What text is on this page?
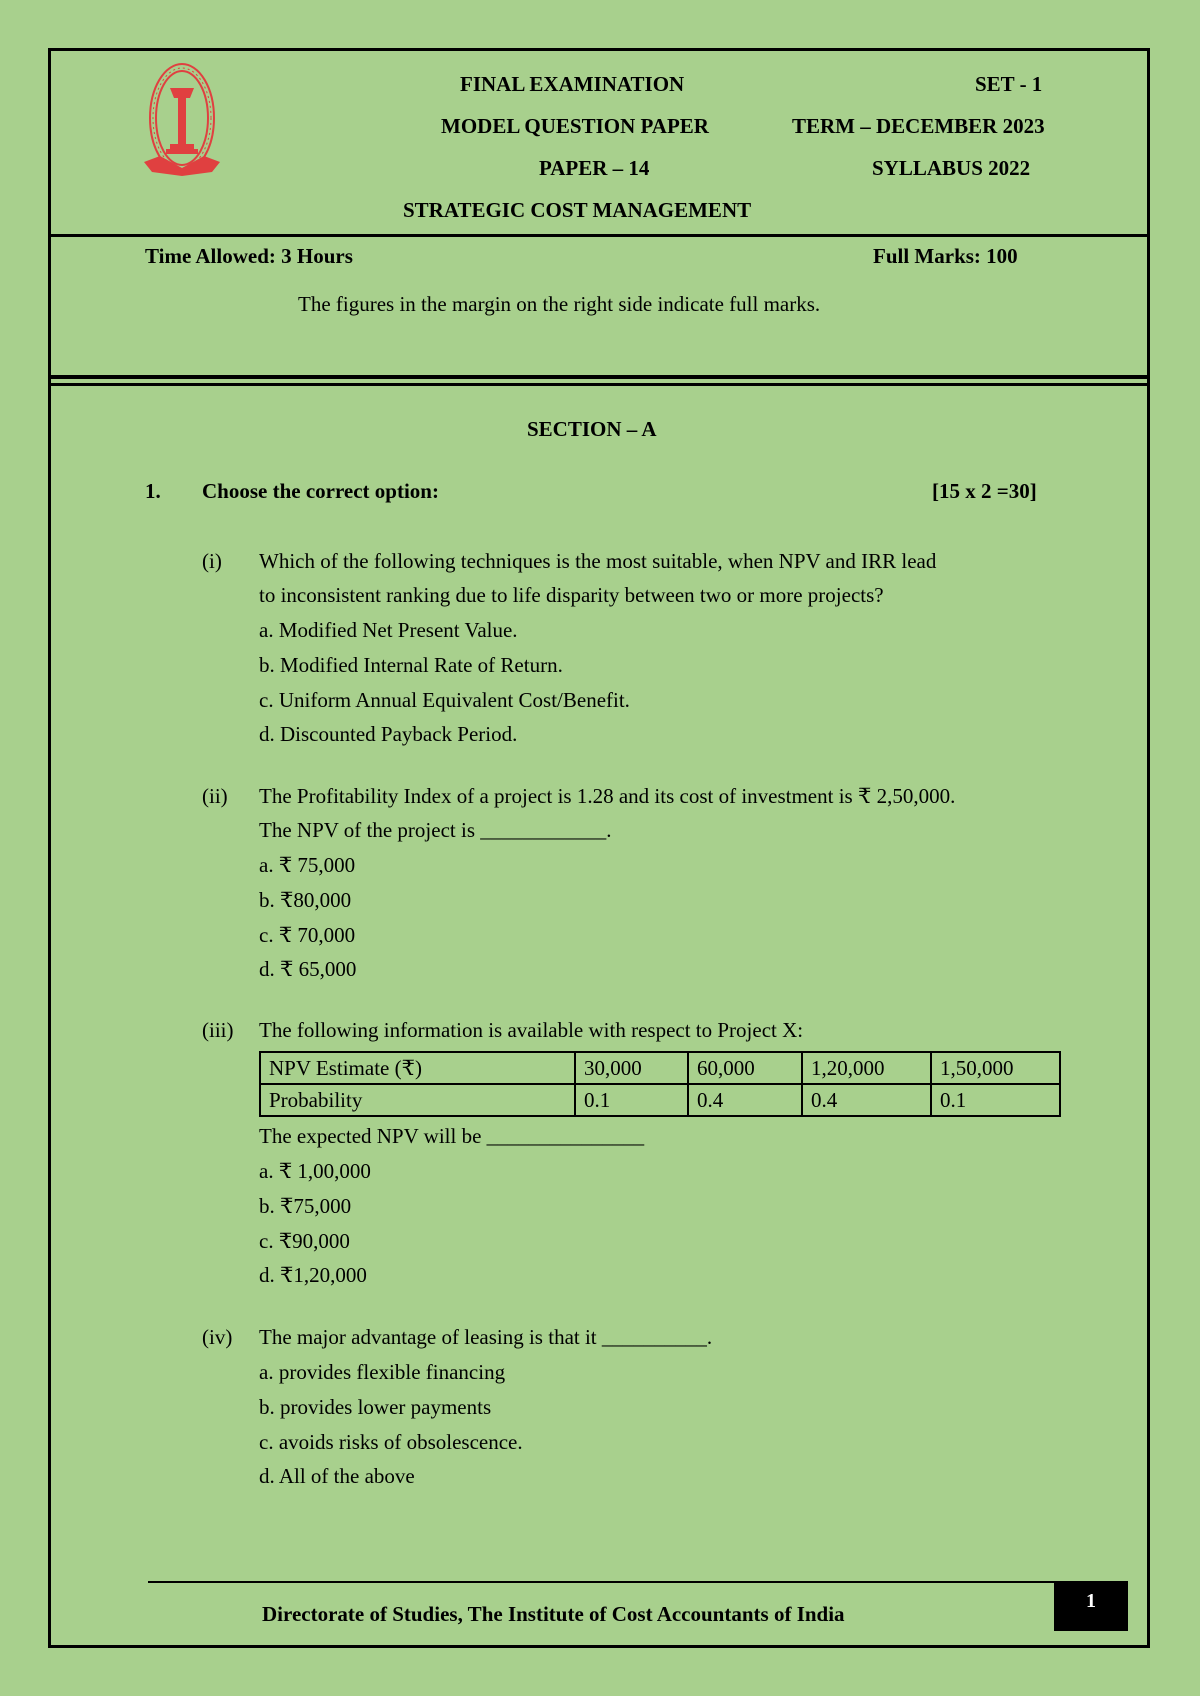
FINAL EXAMINATION	SET - 1
MODEL QUESTION PAPER	TERM – DECEMBER 2023
PAPER – 14	SYLLABUS 2022
STRATEGIC COST MANAGEMENT
Time Allowed: 3 Hours	Full Marks: 100
The figures in the margin on the right side indicate full marks.
SECTION – A
1. Choose the correct option:	[15 x 2 =30]
(i) Which of the following techniques is the most suitable, when NPV and IRR lead
to inconsistent ranking due to life disparity between two or more projects?
a. Modified Net Present Value.
b. Modified Internal Rate of Return.
c. Uniform Annual Equivalent Cost/Benefit.
d. Discounted Payback Period.
(ii) The Profitability Index of a project is 1.28 and its cost of investment is ₹ 2,50,000.
The NPV of the project is ____________.
a. ₹ 75,000
b. ₹80,000
c. ₹ 70,000
d. ₹ 65,000
(iii) The following information is available with respect to Project X:
NPV Estimate (₹)	30,000	60,000	1,20,000	1,50,000
Probability	0.1	0.4	0.4	0.1
The expected NPV will be _______________
a. ₹ 1,00,000
b. ₹75,000
c. ₹90,000
d. ₹1,20,000
(iv) The major advantage of leasing is that it __________.
a. provides flexible financing
b. provides lower payments
c. avoids risks of obsolescence.
d. All of the above
Directorate of Studies, The Institute of Cost Accountants of India
1
